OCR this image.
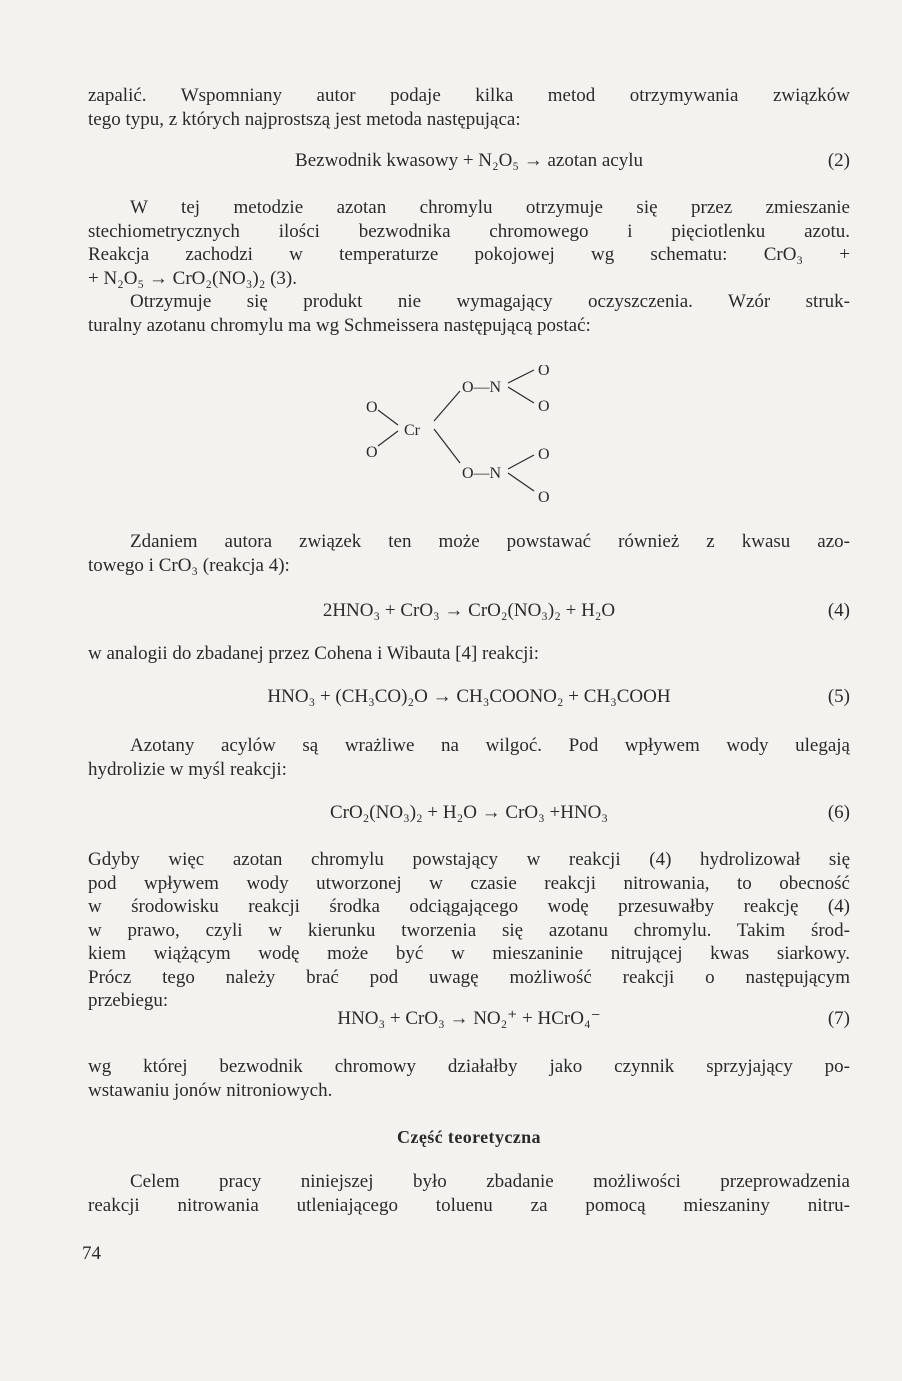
zapalić. Wspomniany autor podaje kilka metod otrzymywania związków
tego typu, z których najprostszą jest metoda następująca:
Bezwodnik kwasowy + N₂O₅ → azotan acylu	(2)
W tej metodzie azotan chromylu otrzymuje się przez zmieszanie
stechiometrycznych ilości bezwodnika chromowego i pięciotlenku azotu.
Reakcja zachodzi w temperaturze pokojowej wg schematu: CrO₃ +
+ N₂O₅ → CrO₂(NO₃)₂ (3).
Otrzymuje się produkt nie wymagający oczyszczenia. Wzór struk-
turalny azotanu chromylu ma wg Schmeissera następującą postać:
O
O—N
O
O
Cr
O	O
O—N
O
Zdaniem autora związek ten może powstawać również z kwasu azo-
towego i CrO₃ (reakcja 4):
2HNO₃ + CrO₃ → CrO₂(NO₃)₂ + H₂O	(4)
w analogii do zbadanej przez Cohena i Wibauta [4] reakcji:
HNO₃ + (CH₃CO)₂O → CH₃COONO₂ + CH₃COOH	(5)
Azotany acylów są wrażliwe na wilgoć. Pod wpływem wody ulegają
hydrolizie w myśl reakcji:
CrO₂(NO₃)₂ + H₂O → CrO₃ +HNO₃	(6)
Gdyby więc azotan chromylu powstający w reakcji (4) hydrolizował się
pod wpływem wody utworzonej w czasie reakcji nitrowania, to obecność
w środowisku reakcji środka odciągającego wodę przesuwałby reakcję (4)
w prawo, czyli w kierunku tworzenia się azotanu chromylu. Takim środ-
kiem wiążącym wodę może być w mieszaninie nitrującej kwas siarkowy.
Prócz tego należy brać pod uwagę możliwość reakcji o następującym
przebiegu:
HNO₃ + CrO₃ → NO₂⁺ + HCrO₄⁻	(7)
wg której bezwodnik chromowy działałby jako czynnik sprzyjający po-
wstawaniu jonów nitroniowych.
Część teoretyczna
Celem pracy niniejszej było zbadanie możliwości przeprowadzenia
reakcji nitrowania utleniającego toluenu za pomocą mieszaniny nitru-
74
